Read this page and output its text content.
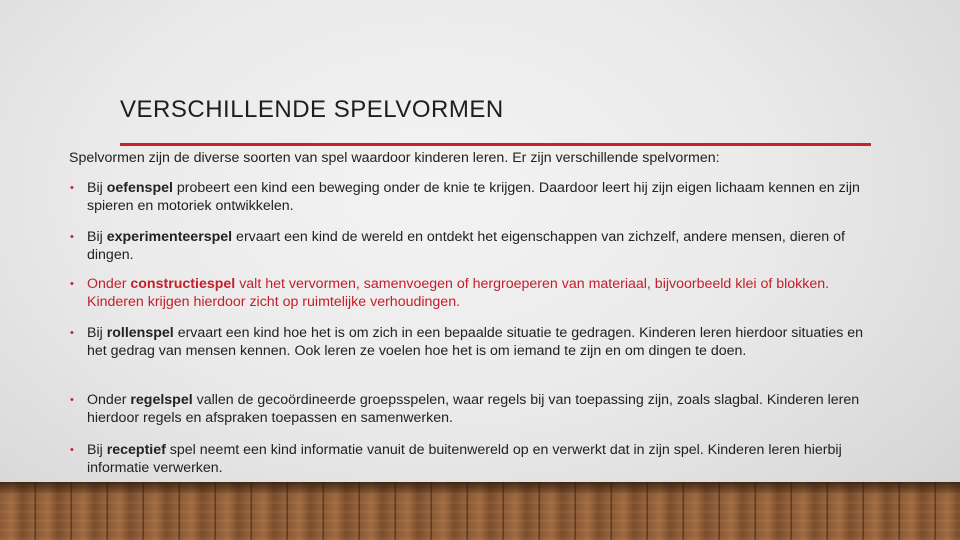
VERSCHILLENDE SPELVORMEN
Spelvormen zijn de diverse soorten van spel waardoor kinderen leren. Er zijn verschillende spelvormen:
• Bij oefenspel probeert een kind een beweging onder de knie te krijgen. Daardoor leert hij zijn eigen lichaam kennen en zijn spieren en motoriek ontwikkelen.
• Bij experimenteerspel ervaart een kind de wereld en ontdekt het eigenschappen van zichzelf, andere mensen, dieren of dingen.
• Onder constructiespel valt het vervormen, samenvoegen of hergroeperen van materiaal, bijvoorbeeld klei of blokken. Kinderen krijgen hierdoor zicht op ruimtelijke verhoudingen.
• Bij rollenspel ervaart een kind hoe het is om zich in een bepaalde situatie te gedragen. Kinderen leren hierdoor situaties en het gedrag van mensen kennen. Ook leren ze voelen hoe het is om iemand te zijn en om dingen te doen.
• Onder regelspel vallen de gecoördineerde groepsspelen, waar regels bij van toepassing zijn, zoals slagbal. Kinderen leren hierdoor regels en afspraken toepassen en samenwerken.
• Bij receptief spel neemt een kind informatie vanuit de buitenwereld op en verwerkt dat in zijn spel. Kinderen leren hierbij informatie verwerken.
